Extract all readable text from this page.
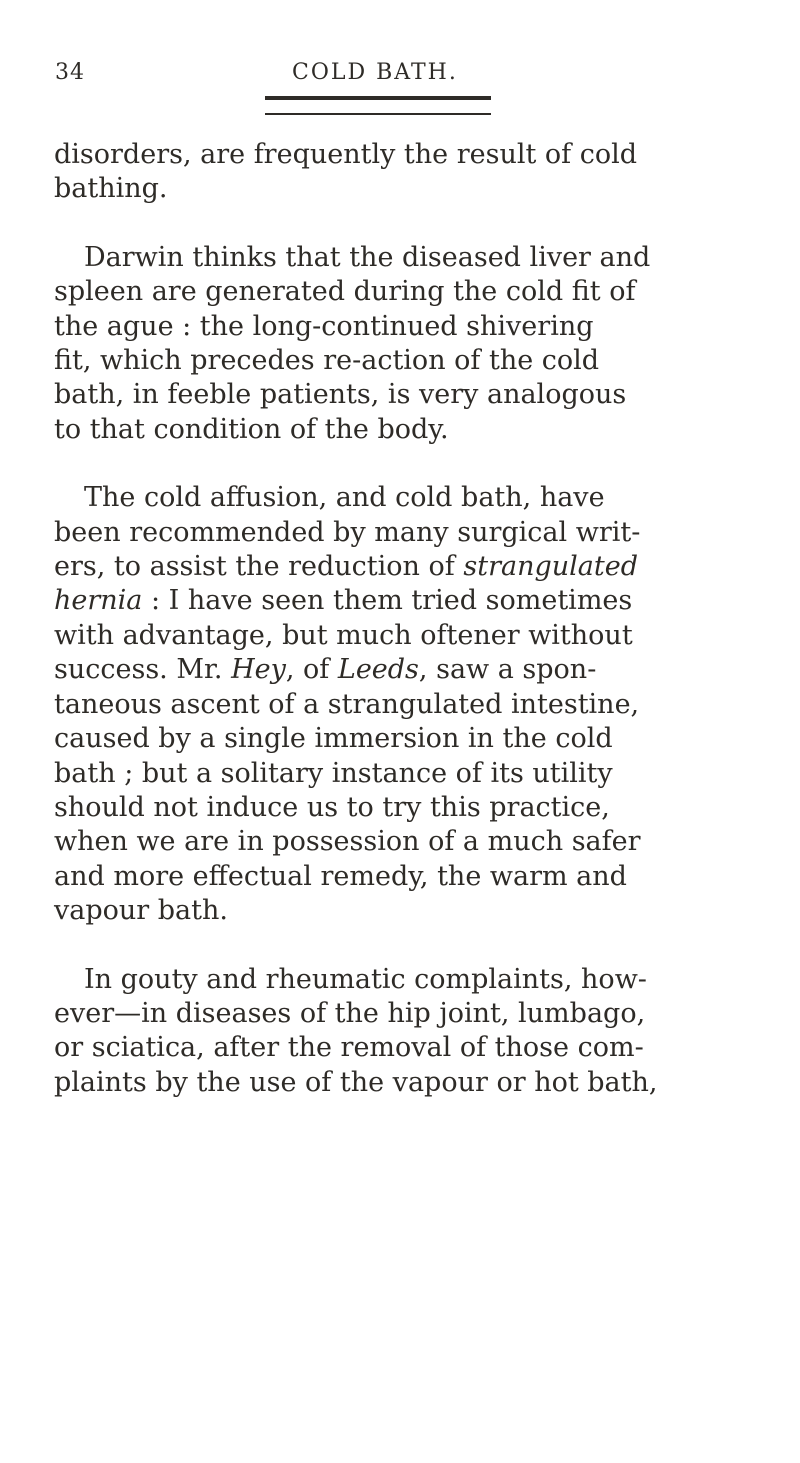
34	COLD BATH.

disorders, are frequently the result of cold
bathing.

Darwin thinks that the diseased liver and
spleen are generated during the cold fit of
the ague : the long-continued shivering
fit, which precedes re-action of the cold
bath, in feeble patients, is very analogous
to that condition of the body.

The cold affusion, and cold bath, have
been recommended by many surgical writ-
ers, to assist the reduction of strangulated
hernia : I have seen them tried sometimes
with advantage, but much oftener without
success. Mr. Hey, of Leeds, saw a spon-
taneous ascent of a strangulated intestine,
caused by a single immersion in the cold
bath ; but a solitary instance of its utility
should not induce us to try this practice,
when we are in possession of a much safer
and more effectual remedy, the warm and
vapour bath.

In gouty and rheumatic complaints, how-
ever—in diseases of the hip joint, lumbago,
or sciatica, after the removal of those com-
plaints by the use of the vapour or hot bath,
